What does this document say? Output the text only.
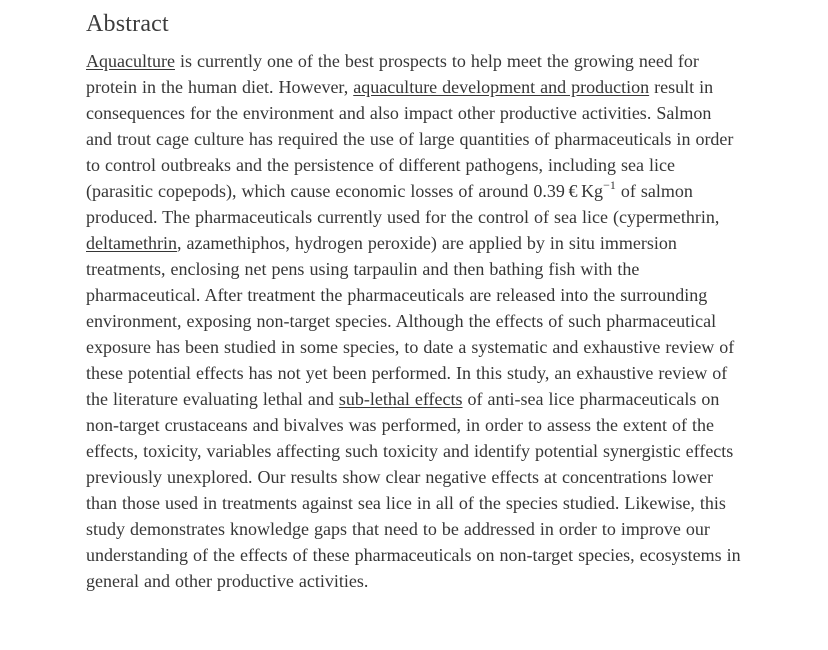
Abstract

Aquaculture is currently one of the best prospects to help meet the growing need for protein in the human diet. However, aquaculture development and production result in consequences for the environment and also impact other productive activities. Salmon and trout cage culture has required the use of large quantities of pharmaceuticals in order to control outbreaks and the persistence of different pathogens, including sea lice (parasitic copepods), which cause economic losses of around 0.39 € $Kg^{-1}$ of salmon produced. The pharmaceuticals currently used for the control of sea lice (cypermethrin, deltamethrin, azamethiphos, hydrogen peroxide) are applied by in situ immersion treatments, enclosing net pens using tarpaulin and then bathing fish with the pharmaceutical. After treatment the pharmaceuticals are released into the surrounding environment, exposing non-target species. Although the effects of such pharmaceutical exposure has been studied in some species, to date a systematic and exhaustive review of these potential effects has not yet been performed. In this study, an exhaustive review of the literature evaluating lethal and sub-lethal effects of anti-sea lice pharmaceuticals on non-target crustaceans and bivalves was performed, in order to assess the extent of the effects, toxicity, variables affecting such toxicity and identify potential synergistic effects previously unexplored. Our results show clear negative effects at concentrations lower than those used in treatments against sea lice in all of the species studied. Likewise, this study demonstrates knowledge gaps that need to be addressed in order to improve our understanding of the effects of these pharmaceuticals on non-target species, ecosystems in general and other productive activities.
